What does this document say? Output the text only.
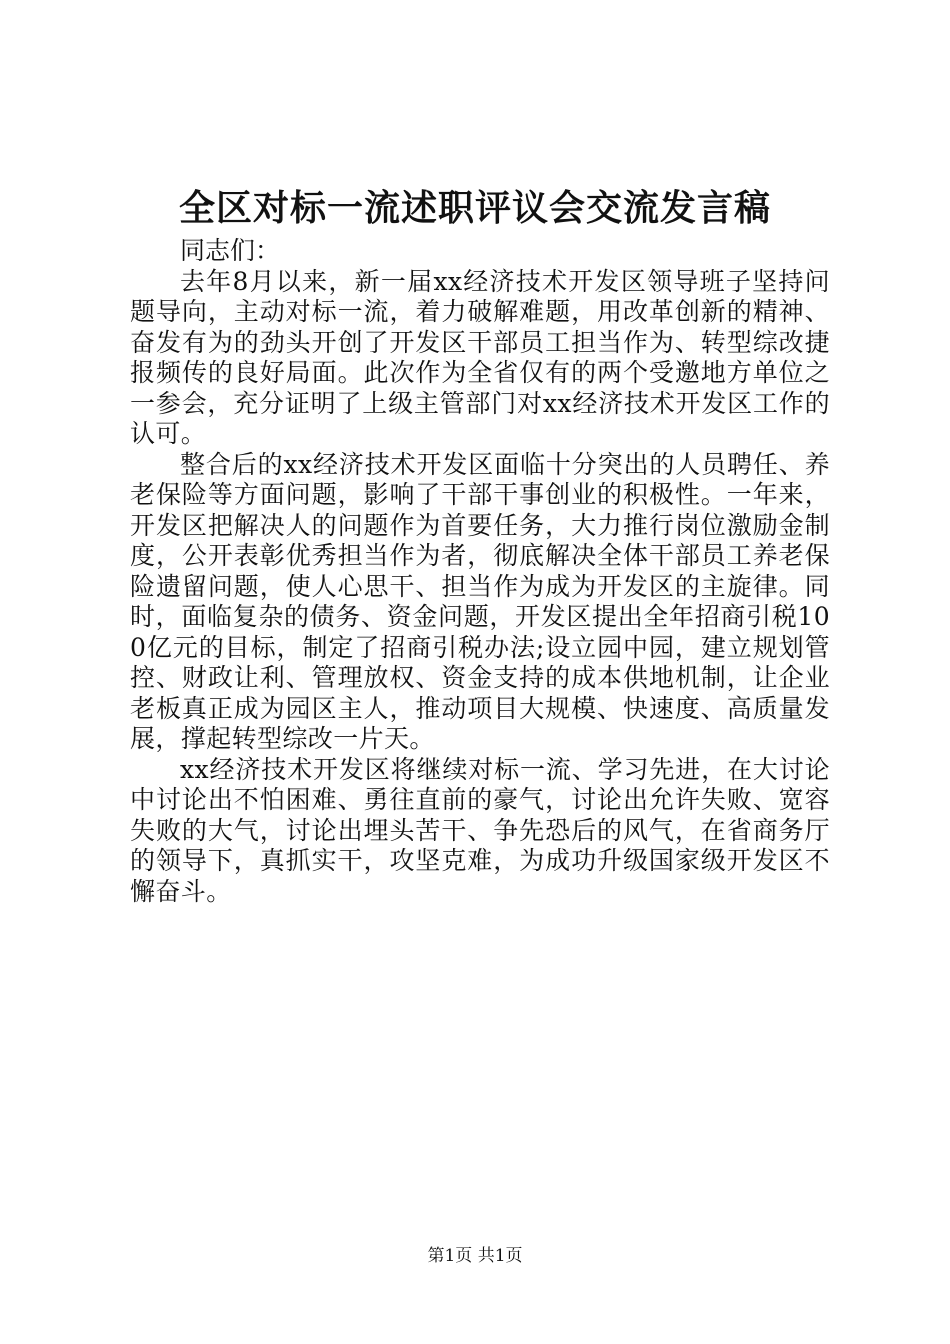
全区对标一流述职评议会交流发言稿

同志们：

去年8月以来，新一届xx经济技术开发区领导班子坚持问题导向，主动对标一流，着力破解难题，用改革创新的精神、奋发有为的劲头开创了开发区干部员工担当作为、转型综改捷报频传的良好局面。此次作为全省仅有的两个受邀地方单位之一参会，充分证明了上级主管部门对xx经济技术开发区工作的认可。

整合后的xx经济技术开发区面临十分突出的人员聘任、养老保险等方面问题，影响了干部干事创业的积极性。一年来，开发区把解决人的问题作为首要任务，大力推行岗位激励金制度，公开表彰优秀担当作为者，彻底解决全体干部员工养老保险遗留问题，使人心思干、担当作为成为开发区的主旋律。同时，面临复杂的债务、资金问题，开发区提出全年招商引税100亿元的目标，制定了招商引税办法;设立园中园，建立规划管控、财政让利、管理放权、资金支持的成本供地机制，让企业老板真正成为园区主人，推动项目大规模、快速度、高质量发展，撑起转型综改一片天。

xx经济技术开发区将继续对标一流、学习先进，在大讨论中讨论出不怕困难、勇往直前的豪气，讨论出允许失败、宽容失败的大气，讨论出埋头苦干、争先恐后的风气，在省商务厅的领导下，真抓实干，攻坚克难，为成功升级国家级开发区不懈奋斗。

第1页 共1页
